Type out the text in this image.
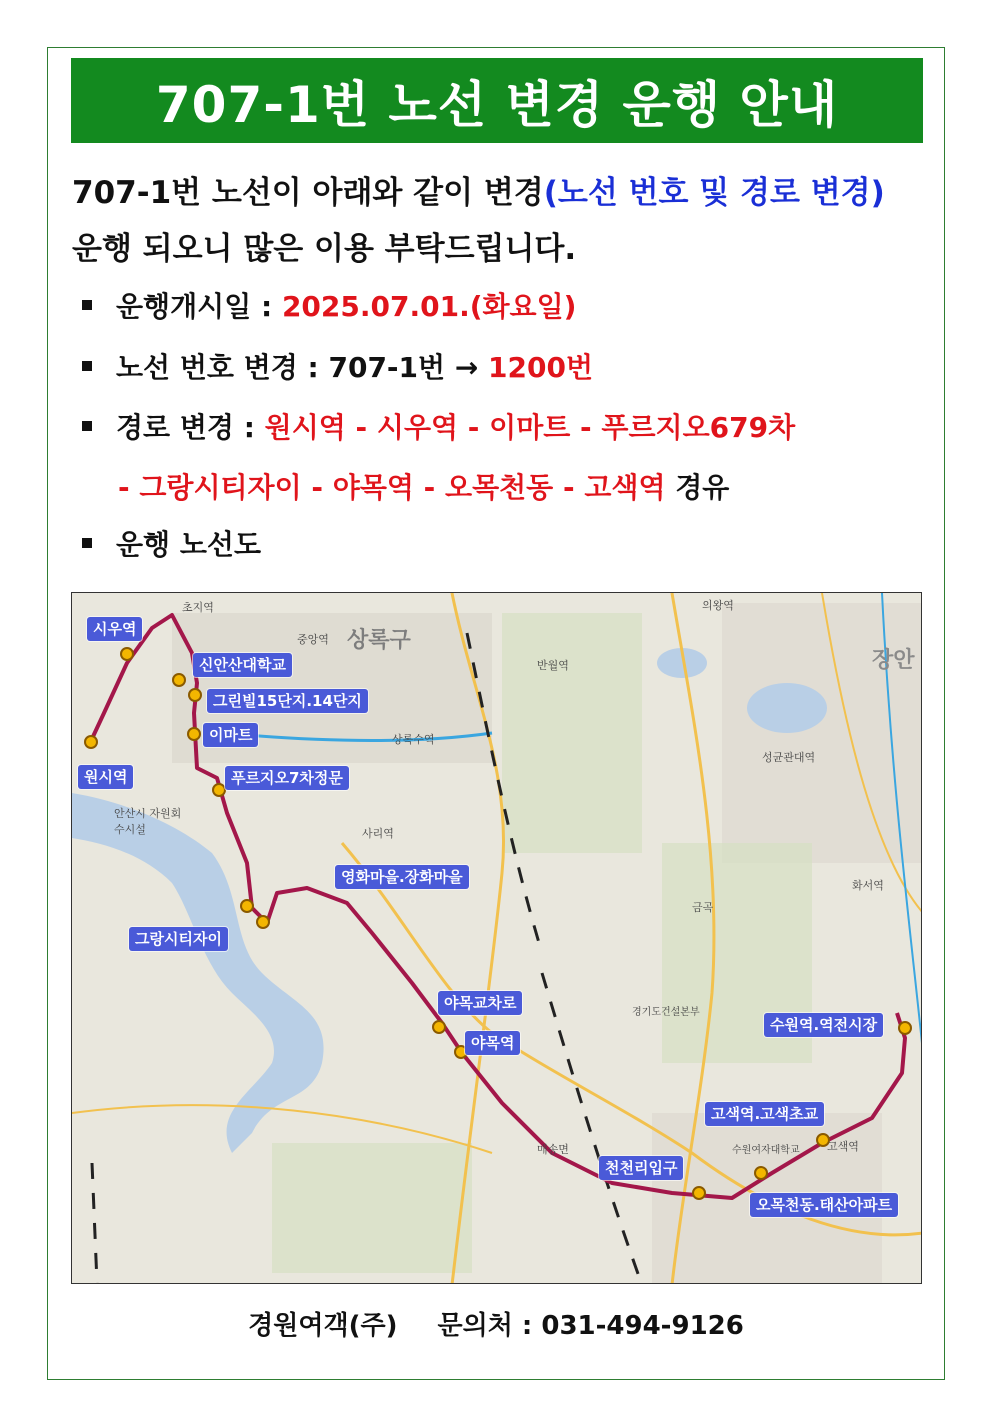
707-1번 노선 변경 운행 안내
707-1번 노선이 아래와 같이 변경(노선 번호 및 경로 변경) 운행 되오니 많은 이용 부탁드립니다.
운행개시일 : 2025.07.01.(화요일)
노선 번호 변경 : 707-1번 → 1200번
경로 변경 : 원시역 - 시우역 - 이마트 - 푸르지오679차
- 그랑시티자이 - 야목역 - 오목천동 - 고색역 경유
운행 노선도
상록구
장안
초지역
중앙역
상록수역
반월역
의왕역
성균관대역
화서역
사리역
고색역
수원여자대학교
안산시 자원회수시설
경기도건설본부
매송면
금곡
시우역
신안산대학교
그린빌15단지.14단지
이마트
원시역	푸르지오7차정문
영화마을.장화마을
그랑시티자이
야목교차로
야목역
수원역.역전시장
고색역.고색초교
천천리입구
오목천동.태산아파트
경원여객(주) 문의처 : 031-494-9126
